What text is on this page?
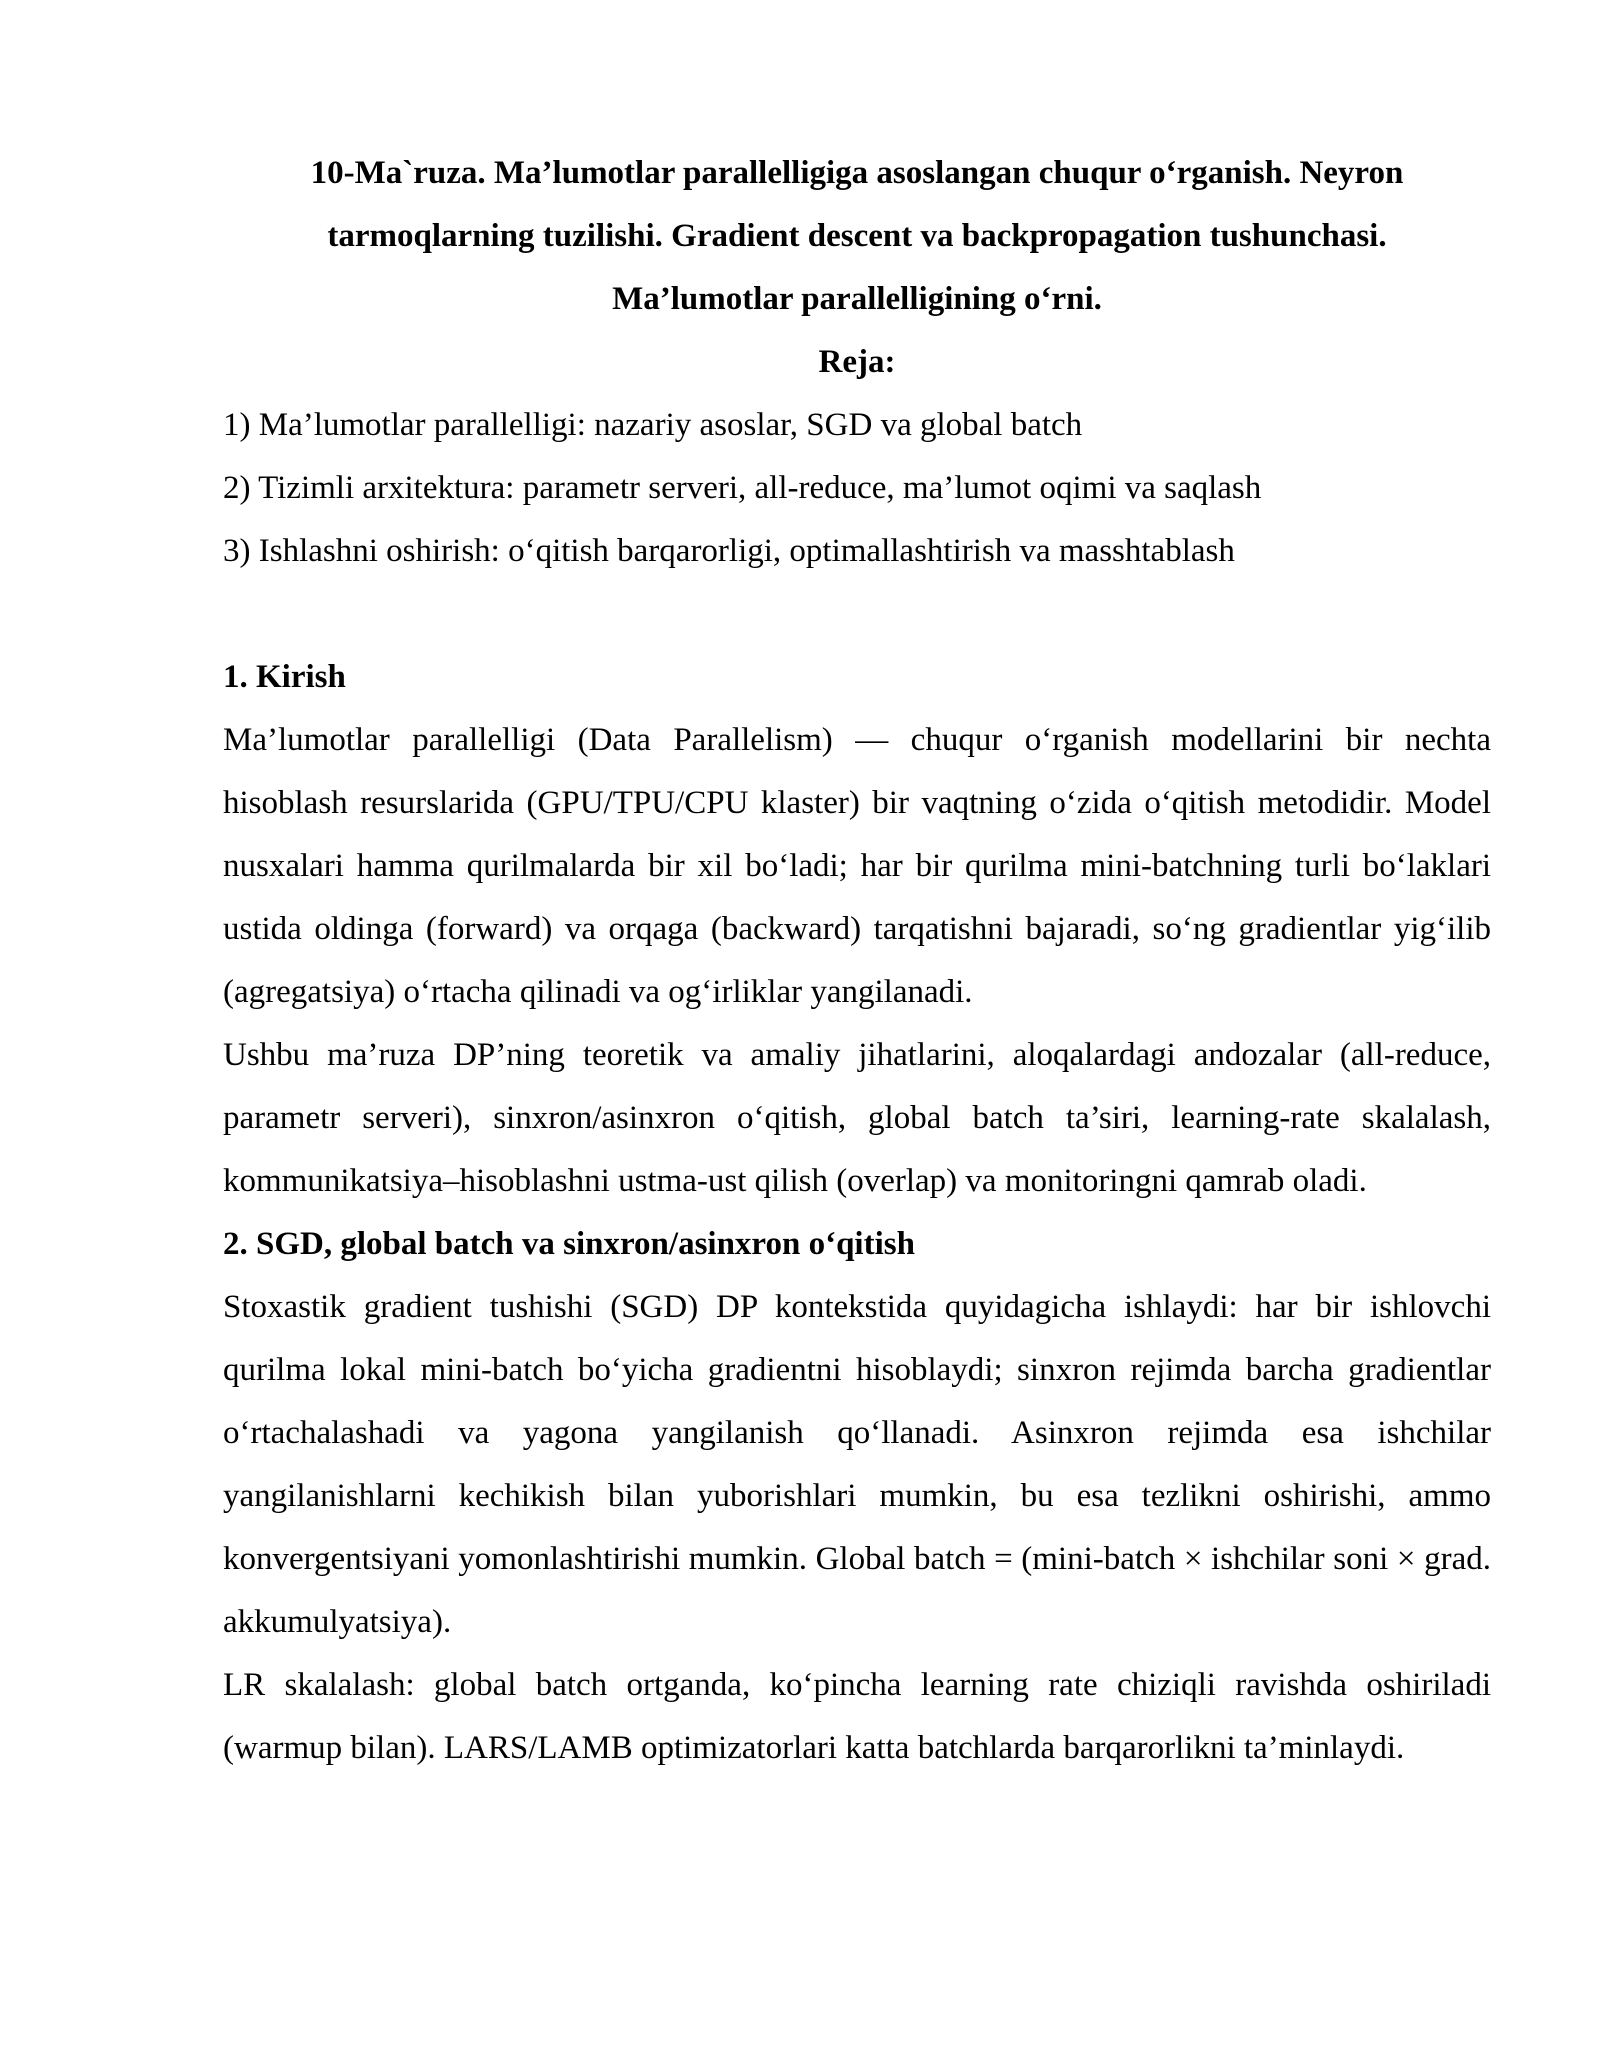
10-Ma`ruza. Ma’lumotlar parallelligiga asoslangan chuqur o‘rganish. Neyron
tarmoqlarning tuzilishi. Gradient descent va backpropagation tushunchasi.
Ma’lumotlar parallelligining o‘rni.

Reja:

1) Ma’lumotlar parallelligi: nazariy asoslar, SGD va global batch
2) Tizimli arxitektura: parametr serveri, all-reduce, ma’lumot oqimi va saqlash
3) Ishlashni oshirish: o‘qitish barqarorligi, optimallashtirish va masshtablash
1. Kirish

Ma’lumotlar parallelligi (Data Parallelism) — chuqur o‘rganish modellarini bir nechta hisoblash resurslarida (GPU/TPU/CPU klaster) bir vaqtning o‘zida o‘qitish metodidir. Model nusxalari hamma qurilmalarda bir xil bo‘ladi; har bir qurilma mini-batchning turli bo‘laklari ustida oldinga (forward) va orqaga (backward) tarqatishni bajaradi, so‘ng gradientlar yig‘ilib (agregatsiya) o‘rtacha qilinadi va og‘irliklar yangilanadi.

Ushbu ma’ruza DP’ning teoretik va amaliy jihatlarini, aloqalardagi andozalar (all-reduce, parametr serveri), sinxron/asinxron o‘qitish, global batch ta’siri, learning-rate skalalash, kommunikatsiya–hisoblashni ustma-ust qilish (overlap) va monitoringni qamrab oladi.

2. SGD, global batch va sinxron/asinxron o‘qitish

Stoxastik gradient tushishi (SGD) DP kontekstida quyidagicha ishlaydi: har bir ishlovchi qurilma lokal mini-batch bo‘yicha gradientni hisoblaydi; sinxron rejimda barcha gradientlar o‘rtachalashadi va yagona yangilanish qo‘llanadi. Asinxron rejimda esa ishchilar yangilanishlarni kechikish bilan yuborishlari mumkin, bu esa tezlikni oshirishi, ammo konvergentsiyani yomonlashtirishi mumkin. Global batch = (mini-batch × ishchilar soni × grad. akkumulyatsiya).

LR skalalash: global batch ortganda, ko‘pincha learning rate chiziqli ravishda oshiriladi (warmup bilan). LARS/LAMB optimizatorlari katta batchlarda barqarorlikni ta’minlaydi.
